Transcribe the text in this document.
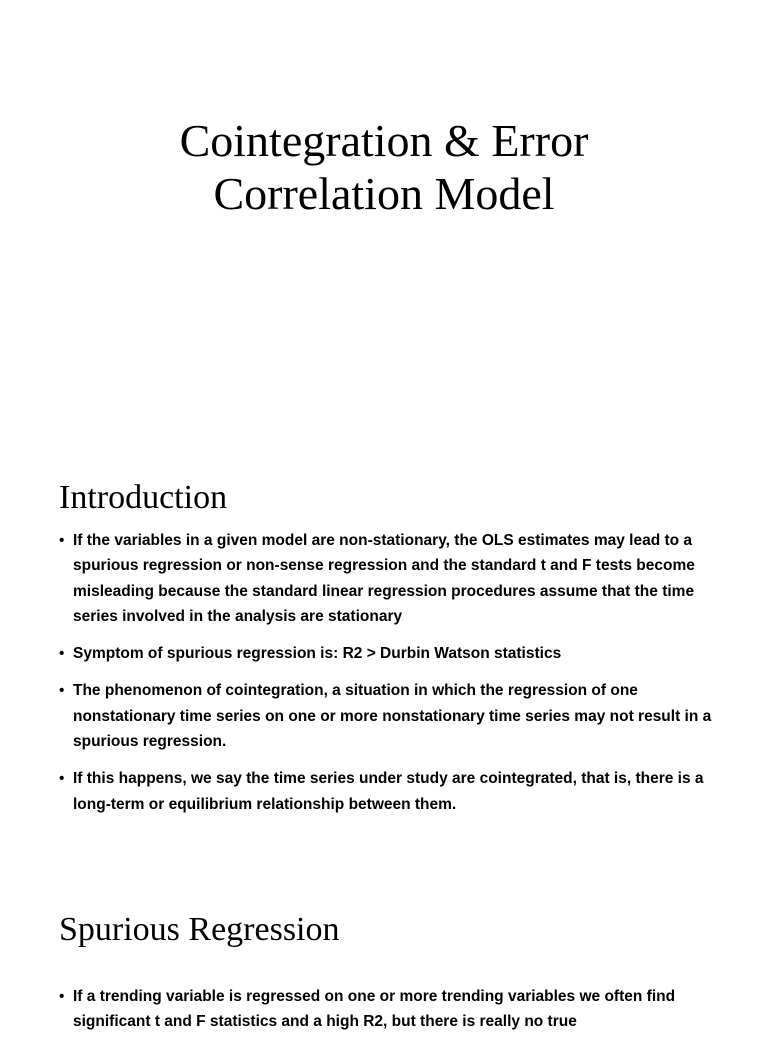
Cointegration & Error
Correlation Model
Introduction
• If the variables in a given model are non-stationary, the OLS estimates may lead to a spurious regression or non-sense regression and the standard t and F tests become misleading because the standard linear regression procedures assume that the time series involved in the analysis are stationary
• Symptom of spurious regression is: R2 > Durbin Watson statistics
• The phenomenon of cointegration, a situation in which the regression of one nonstationary time series on one or more nonstationary time series may not result in a spurious regression.
• If this happens, we say the time series under study are cointegrated, that is, there is a long-term or equilibrium relationship between them.
Spurious Regression
• If a trending variable is regressed on one or more trending variables we often find significant t and F statistics and a high R2, but there is really no true
